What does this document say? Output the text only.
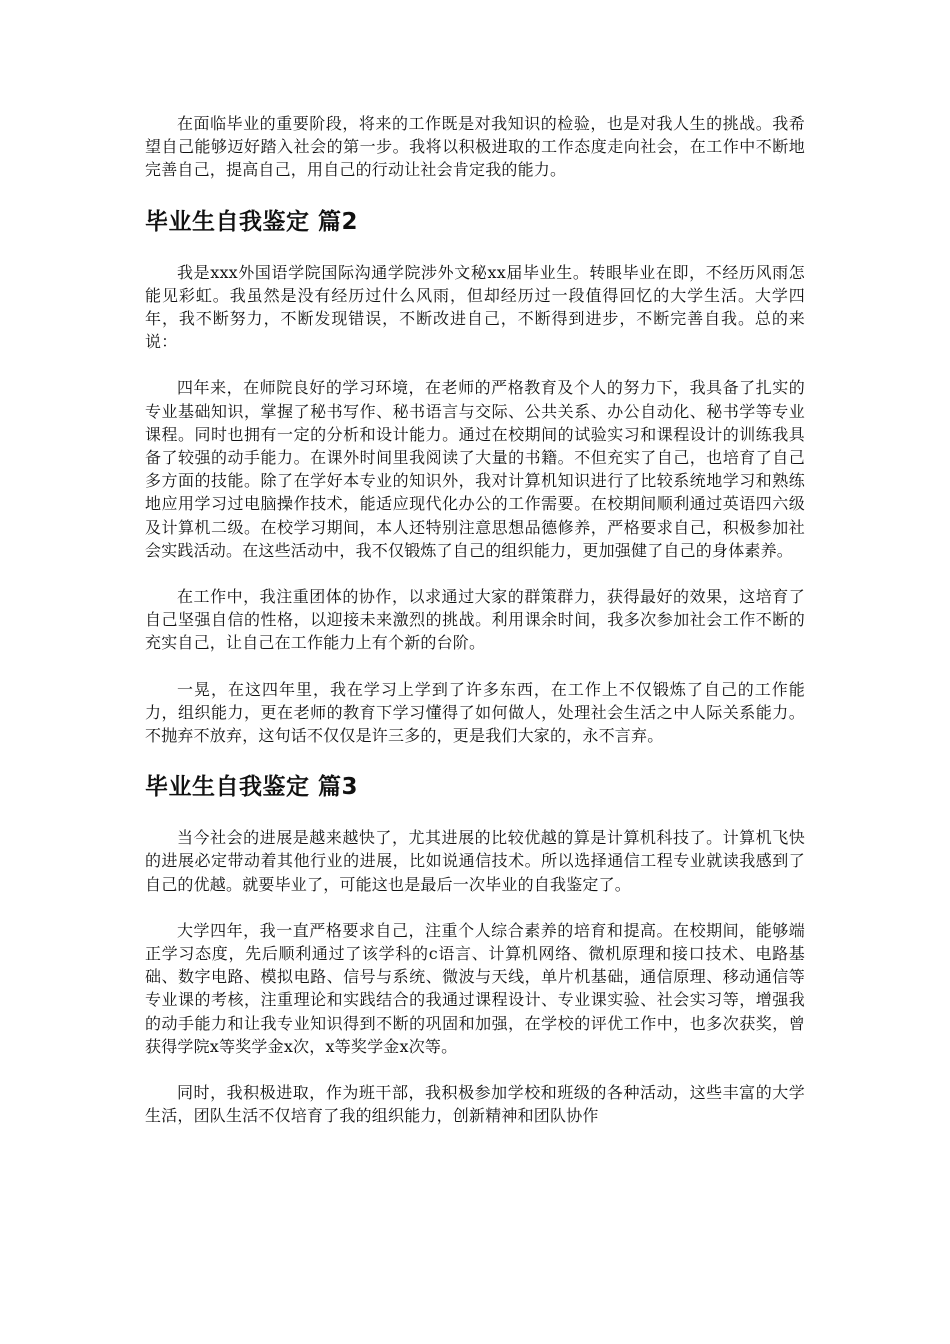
在面临毕业的重要阶段，将来的工作既是对我知识的检验，也是对我人生的挑战。我希望自己能够迈好踏入社会的第一步。我将以积极进取的工作态度走向社会，在工作中不断地完善自己，提高自己，用自己的行动让社会肯定我的能力。

毕业生自我鉴定 篇2

我是xxx外国语学院国际沟通学院涉外文秘xx届毕业生。转眼毕业在即，不经历风雨怎能见彩虹。我虽然是没有经历过什么风雨，但却经历过一段值得回忆的大学生活。大学四年，我不断努力，不断发现错误，不断改进自己，不断得到进步，不断完善自我。总的来说：

四年来，在师院良好的学习环境，在老师的严格教育及个人的努力下，我具备了扎实的专业基础知识，掌握了秘书写作、秘书语言与交际、公共关系、办公自动化、秘书学等专业课程。同时也拥有一定的分析和设计能力。通过在校期间的试验实习和课程设计的训练我具备了较强的动手能力。在课外时间里我阅读了大量的书籍。不但充实了自己，也培育了自己多方面的技能。除了在学好本专业的知识外，我对计算机知识进行了比较系统地学习和熟练地应用学习过电脑操作技术，能适应现代化办公的工作需要。在校期间顺利通过英语四六级及计算机二级。在校学习期间，本人还特别注意思想品德修养，严格要求自己，积极参加社会实践活动。在这些活动中，我不仅锻炼了自己的组织能力，更加强健了自己的身体素养。

在工作中，我注重团体的协作，以求通过大家的群策群力，获得最好的效果，这培育了自己坚强自信的性格，以迎接未来激烈的挑战。利用课余时间，我多次参加社会工作不断的充实自己，让自己在工作能力上有个新的台阶。

一晃，在这四年里，我在学习上学到了许多东西，在工作上不仅锻炼了自己的工作能力，组织能力，更在老师的教育下学习懂得了如何做人，处理社会生活之中人际关系能力。不抛弃不放弃，这句话不仅仅是许三多的，更是我们大家的，永不言弃。

毕业生自我鉴定 篇3

当今社会的进展是越来越快了，尤其进展的比较优越的算是计算机科技了。计算机飞快的进展必定带动着其他行业的进展，比如说通信技术。所以选择通信工程专业就读我感到了自己的优越。就要毕业了，可能这也是最后一次毕业的自我鉴定了。

大学四年，我一直严格要求自己，注重个人综合素养的培育和提高。在校期间，能够端正学习态度，先后顺利通过了该学科的c语言、计算机网络、微机原理和接口技术、电路基础、数字电路、模拟电路、信号与系统、微波与天线，单片机基础，通信原理、移动通信等专业课的考核，注重理论和实践结合的我通过课程设计、专业课实验、社会实习等，增强我的动手能力和让我专业知识得到不断的巩固和加强，在学校的评优工作中，也多次获奖，曾获得学院x等奖学金x次，x等奖学金x次等。

同时，我积极进取，作为班干部，我积极参加学校和班级的各种活动，这些丰富的大学生活，团队生活不仅培育了我的组织能力，创新精神和团队协作
